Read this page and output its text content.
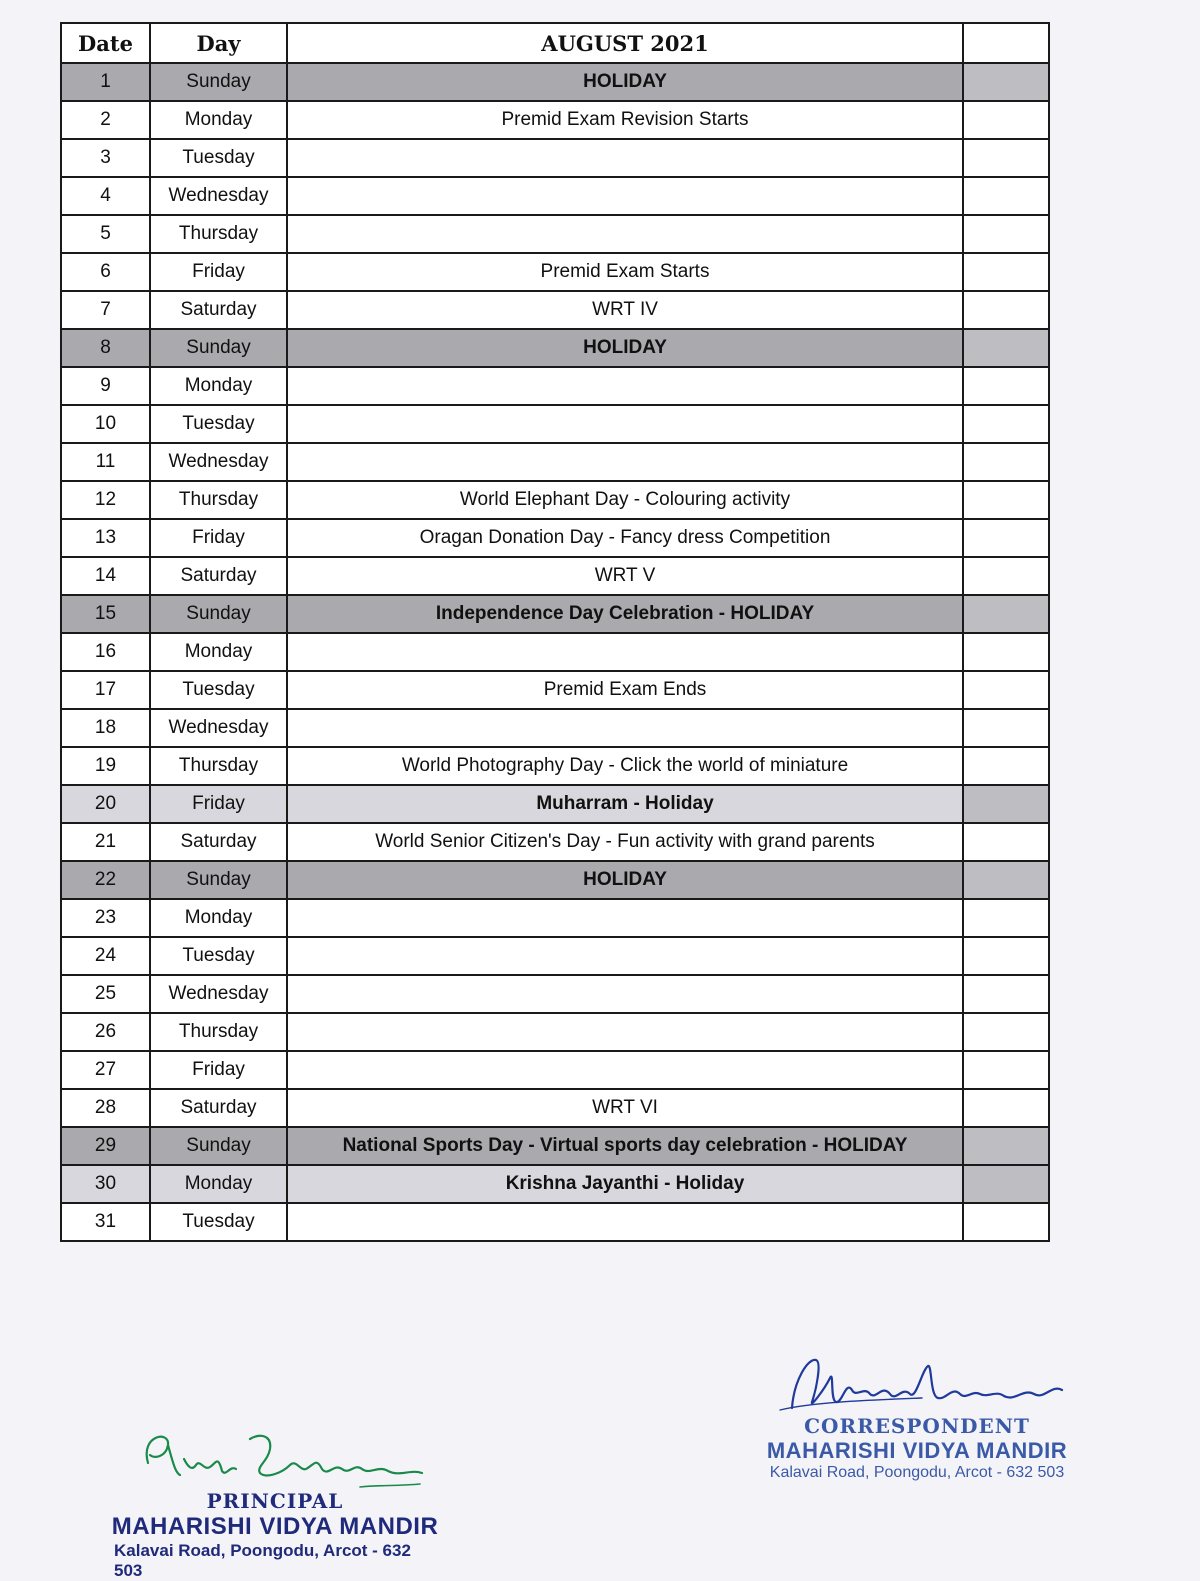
Date	Day	AUGUST 2021	
1	Sunday	HOLIDAY	
2	Monday	Premid Exam Revision Starts	
3	Tuesday		
4	Wednesday		
5	Thursday		
6	Friday	Premid Exam Starts	
7	Saturday	WRT IV	
8	Sunday	HOLIDAY	
9	Monday		
10	Tuesday		
11	Wednesday		
12	Thursday	World Elephant Day - Colouring activity	
13	Friday	Oragan Donation Day - Fancy dress Competition	
14	Saturday	WRT V	
15	Sunday	Independence Day Celebration - HOLIDAY	
16	Monday		
17	Tuesday	Premid Exam Ends	
18	Wednesday		
19	Thursday	World Photography Day - Click the world of miniature	
20	Friday	Muharram - Holiday	
21	Saturday	World Senior Citizen's Day - Fun activity with grand parents	
22	Sunday	HOLIDAY	
23	Monday		
24	Tuesday		
25	Wednesday		
26	Thursday		
27	Friday		
28	Saturday	WRT VI	
29	Sunday	National Sports Day - Virtual sports day celebration - HOLIDAY	
30	Monday	Krishna Jayanthi - Holiday	
31	Tuesday		
PRINCIPAL
MAHARISHI VIDYA MANDIR
Kalavai Road, Poongodu, Arcot - 632 503
CORRESPONDENT
MAHARISHI VIDYA MANDIR
Kalavai Road, Poongodu, Arcot - 632 503
